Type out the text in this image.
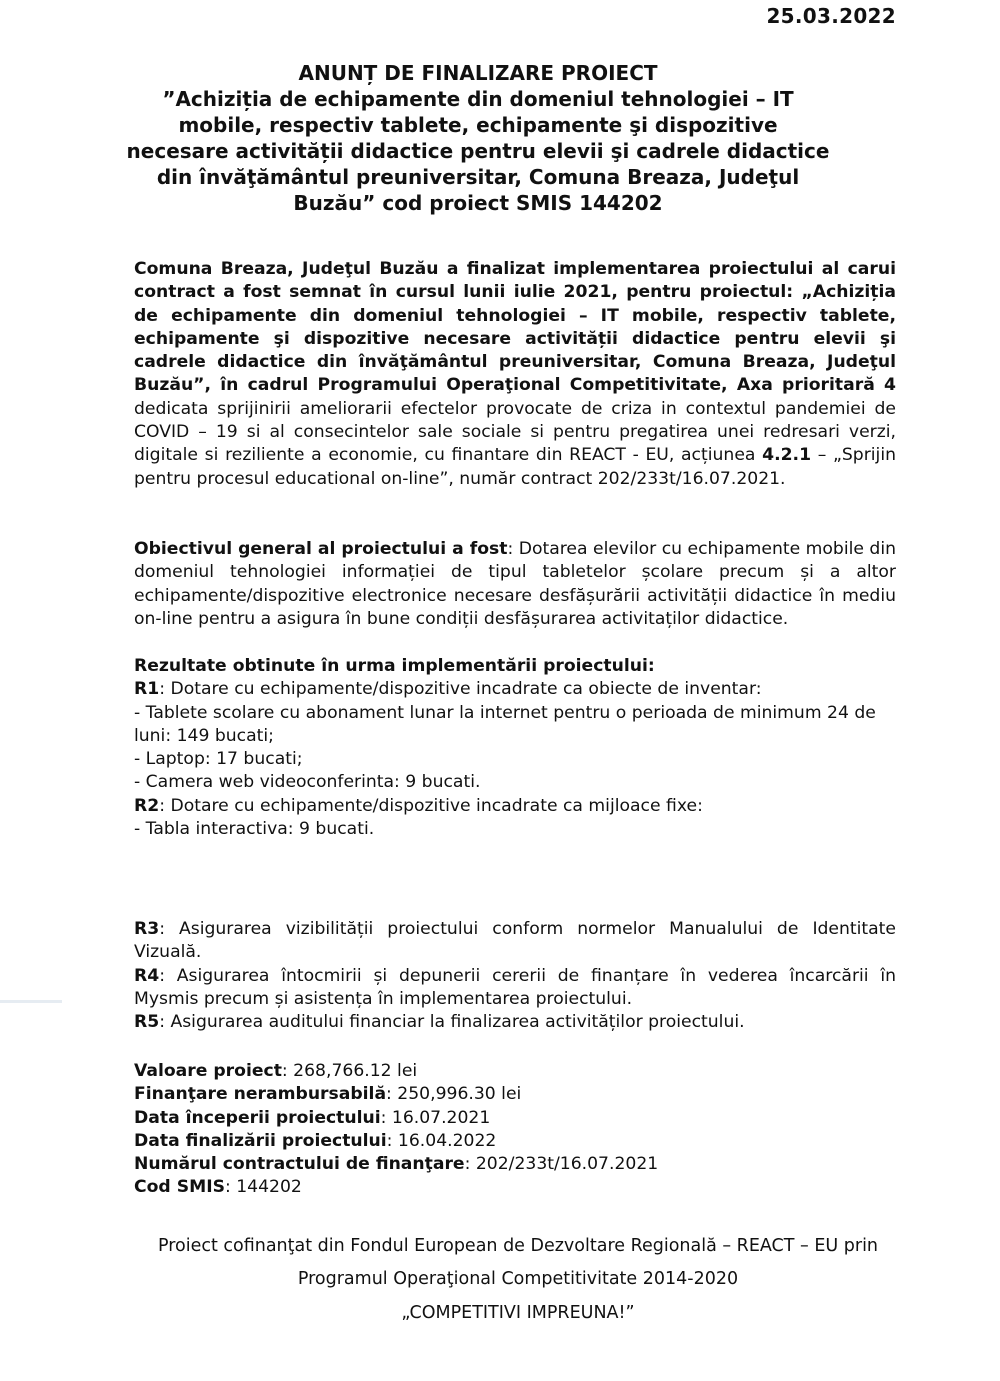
25.03.2022
ANUNȚ DE FINALIZARE PROIECT
”Achiziția de echipamente din domeniul tehnologiei – IT mobile, respectiv tablete, echipamente şi dispozitive necesare activității didactice pentru elevii şi cadrele didactice din învăţământul preuniversitar, Comuna Breaza, Judeţul Buzău” cod proiect SMIS 144202
Comuna Breaza, Judeţul Buzău a finalizat implementarea proiectului al carui contract a fost semnat în cursul lunii iulie 2021, pentru proiectul: „Achiziția de echipamente din domeniul tehnologiei – IT mobile, respectiv tablete, echipamente şi dispozitive necesare activității didactice pentru elevii şi cadrele didactice din învăţământul preuniversitar, Comuna Breaza, Judeţul Buzău”, în cadrul Programului Operaţional Competitivitate, Axa prioritară 4 dedicata sprijinirii ameliorarii efectelor provocate de criza in contextul pandemiei de COVID – 19 si al consecintelor sale sociale si pentru pregatirea unei redresari verzi, digitale si reziliente a economie, cu finantare din REACT - EU, acțiunea 4.2.1 – „Sprijin pentru procesul educational on-line”, număr contract 202/233t/16.07.2021.
Obiectivul general al proiectului a fost: Dotarea elevilor cu echipamente mobile din domeniul tehnologiei informației de tipul tabletelor școlare precum și a altor echipamente/dispozitive electronice necesare desfășurării activității didactice în mediu on-line pentru a asigura în bune condiții desfășurarea activitaților didactice.
Rezultate obtinute în urma implementării proiectului:
R1: Dotare cu echipamente/dispozitive incadrate ca obiecte de inventar:
- Tablete scolare cu abonament lunar la internet pentru o perioada de minimum 24 de luni: 149 bucati;
- Laptop: 17 bucati;
- Camera web videoconferinta: 9 bucati.
R2: Dotare cu echipamente/dispozitive incadrate ca mijloace fixe:
- Tabla interactiva: 9 bucati.
R3: Asigurarea vizibilității proiectului conform normelor Manualului de Identitate Vizuală.
R4: Asigurarea întocmirii și depunerii cererii de finanțare în vederea încarcării în Mysmis precum și asistența în implementarea proiectului.
R5: Asigurarea auditului financiar la finalizarea activităților proiectului.
Valoare proiect: 268,766.12 lei
Finanţare nerambursabilă: 250,996.30 lei
Data începerii proiectului: 16.07.2021
Data finalizării proiectului: 16.04.2022
Numărul contractului de finanţare: 202/233t/16.07.2021
Cod SMIS: 144202
Proiect cofinanţat din Fondul European de Dezvoltare Regională – REACT – EU prin
Programul Operaţional Competitivitate 2014-2020
„COMPETITIVI IMPREUNA!”
